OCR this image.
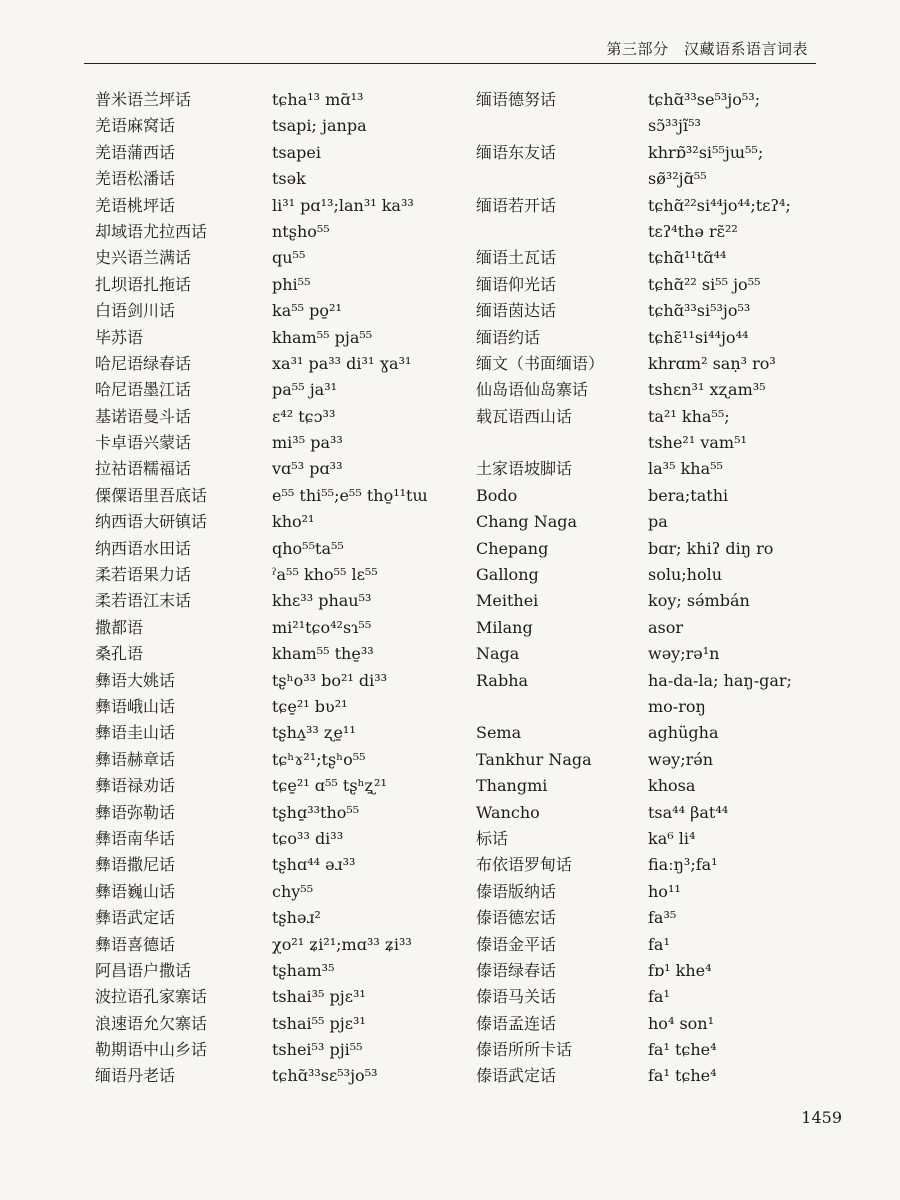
第三部分　汉藏语系语言词表
普米语兰坪话
羌语麻窝话
羌语蒲西话
羌语松潘话
羌语桃坪话
却域语尤拉西话
史兴语兰满话
扎坝语扎拖话
白语剑川话
毕苏语
哈尼语绿春话
哈尼语墨江话
基诺语曼斗话
卡卓语兴蒙话
拉祜语糯福话
傈僳语里吾底话
纳西语大研镇话
纳西语水田话
柔若语果力话
柔若语江末话
撒都语
桑孔语
彝语大姚话
彝语峨山话
彝语圭山话
彝语赫章话
彝语禄劝话
彝语弥勒话
彝语南华话
彝语撒尼话
彝语巍山话
彝语武定话
彝语喜德话
阿昌语户撒话
波拉语孔家寨话
浪速语允欠寨话
勒期语中山乡话
缅语丹老话
tɕha¹³ mɑ̃¹³
tsapi; janpa
tsapei
tsək
li³¹ pɑ¹³;lan³¹ ka³³
ntʂho⁵⁵
qu⁵⁵
phi⁵⁵
ka⁵⁵ po̱²¹
kham⁵⁵ pja⁵⁵
xa³¹ pa³³ di³¹ ɣa³¹
pa⁵⁵ ja³¹
ɛ⁴² tɕɔ³³
mi³⁵ pa³³
vɑ⁵³ pɑ³³
e⁵⁵ thi⁵⁵;e⁵⁵ tho̱¹¹tɯ
kho²¹
qho⁵⁵ta⁵⁵
ˀa⁵⁵ kho⁵⁵ lɛ⁵⁵
khɛ³³ phau⁵³
mi²¹tɕo⁴²sɿ⁵⁵
kham⁵⁵ the̱³³
tʂʰo³³ bo²¹ di³³
tɕe̱²¹ bʋ²¹
tʂhʌ̱³³ ʐe̱¹¹
tɕʰɤ²¹;tʂʰo⁵⁵
tɕe̱²¹ ɑ⁵⁵ tʂʰʐ̱²¹
tʂhɑ̱³³tho⁵⁵
tɕo³³ di³³
tʂhɑ⁴⁴ əɹ³³
chy⁵⁵
tʂhəɹ²
χo²¹ ʑi²¹;mɑ³³ ʑi³³
tʂham³⁵
tshai³⁵ pjɛ³¹
tshai⁵⁵ pjɛ³¹
tshei⁵³ pji⁵⁵
tɕhɑ̃³³sɛ⁵³jo⁵³
缅语德努话
缅语东友话
缅语若开话
缅语土瓦话
缅语仰光话
缅语茵达话
缅语约话
缅文（书面缅语）
仙岛语仙岛寨话
载瓦语西山话
土家语坡脚话
Bodo
Chang Naga
Chepang
Gallong
Meithei
Milang
Naga
Rabha
Sema
Tankhur Naga
Thangmi
Wancho
标话
布依语罗甸话
傣语版纳话
傣语德宏话
傣语金平话
傣语绿春话
傣语马关话
傣语孟连话
傣语所所卡话
傣语武定话
tɕhɑ̃³³se⁵³jo⁵³;
sɔ̃³³jĩ⁵³
khrɒ̃³²si⁵⁵jɯ⁵⁵;
sø̃³²jɑ̃⁵⁵
tɕhɑ̃²²si⁴⁴jo⁴⁴;tɛʔ⁴;
tɛʔ⁴thə rɛ̃²²
tɕhɑ̃¹¹tɑ̃⁴⁴
tɕhɑ̃²² si⁵⁵ jo⁵⁵
tɕhɑ̃³³si⁵³jo⁵³
tɕhɛ̃¹¹si⁴⁴jo⁴⁴
khrɑm² saṇ³ ro³
tshɛn³¹ xʐam³⁵
ta²¹ kha⁵⁵;
tshe²¹ vam⁵¹
la³⁵ kha⁵⁵
bera;tathi
pa
bɑr; khiʔ diŋ ro
solu;holu
koy; sə́mbán
asor
wəy;rə¹n
ha-da-la; haŋ-gar;
mo-roŋ
aghügha
wəy;rə́n
khosa
tsa⁴⁴ βat⁴⁴
ka⁶ li⁴
fiaːŋ³;fa¹
ho¹¹
fa³⁵
fa¹
fɒ¹ khe⁴
fa¹
ho⁴ son¹
fa¹ tɕhe⁴
fa¹ tɕhe⁴
1459
